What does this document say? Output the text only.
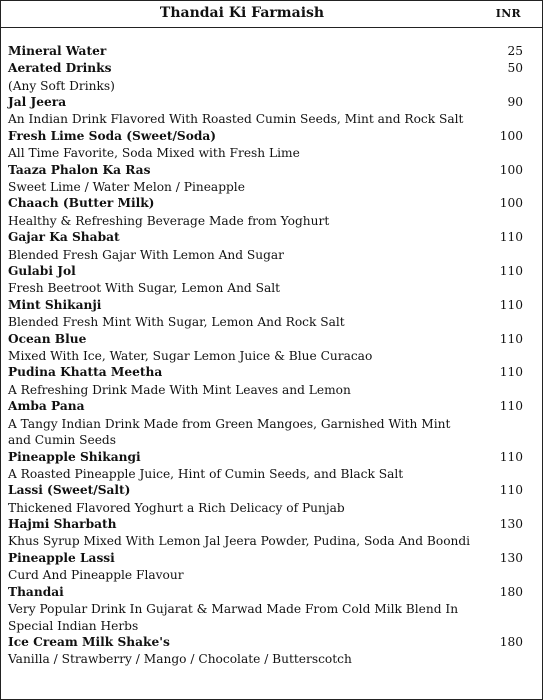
Thandai Ki Farmaish	INR
Mineral Water	25
Aerated Drinks	50
(Any Soft Drinks)
Jal Jeera	90
An Indian Drink Flavored With Roasted Cumin Seeds, Mint and Rock Salt
Fresh Lime Soda (Sweet/Soda)	100
All Time Favorite, Soda Mixed with Fresh Lime
Taaza Phalon Ka Ras	100
Sweet Lime / Water Melon / Pineapple
Chaach (Butter Milk)	100
Healthy & Refreshing Beverage Made from Yoghurt
Gajar Ka Shabat	110
Blended Fresh Gajar With Lemon And Sugar
Gulabi Jol	110
Fresh Beetroot With Sugar, Lemon And Salt
Mint Shikanji	110
Blended Fresh Mint With Sugar, Lemon And Rock Salt
Ocean Blue	110
Mixed With Ice, Water, Sugar Lemon Juice & Blue Curacao
Pudina Khatta Meetha	110
A Refreshing Drink Made With Mint Leaves and Lemon
Amba Pana	110
A Tangy Indian Drink Made from Green Mangoes, Garnished With Mint and Cumin Seeds
Pineapple Shikangi	110
A Roasted Pineapple Juice, Hint of Cumin Seeds, and Black Salt
Lassi (Sweet/Salt)	110
Thickened Flavored Yoghurt a Rich Delicacy of Punjab
Hajmi Sharbath	130
Khus Syrup Mixed With Lemon Jal Jeera Powder, Pudina, Soda And Boondi
Pineapple Lassi	130
Curd And Pineapple Flavour
Thandai	180
Very Popular Drink In Gujarat & Marwad Made From Cold Milk Blend In Special Indian Herbs
Ice Cream Milk Shake's	180
Vanilla / Strawberry / Mango / Chocolate / Butterscotch
